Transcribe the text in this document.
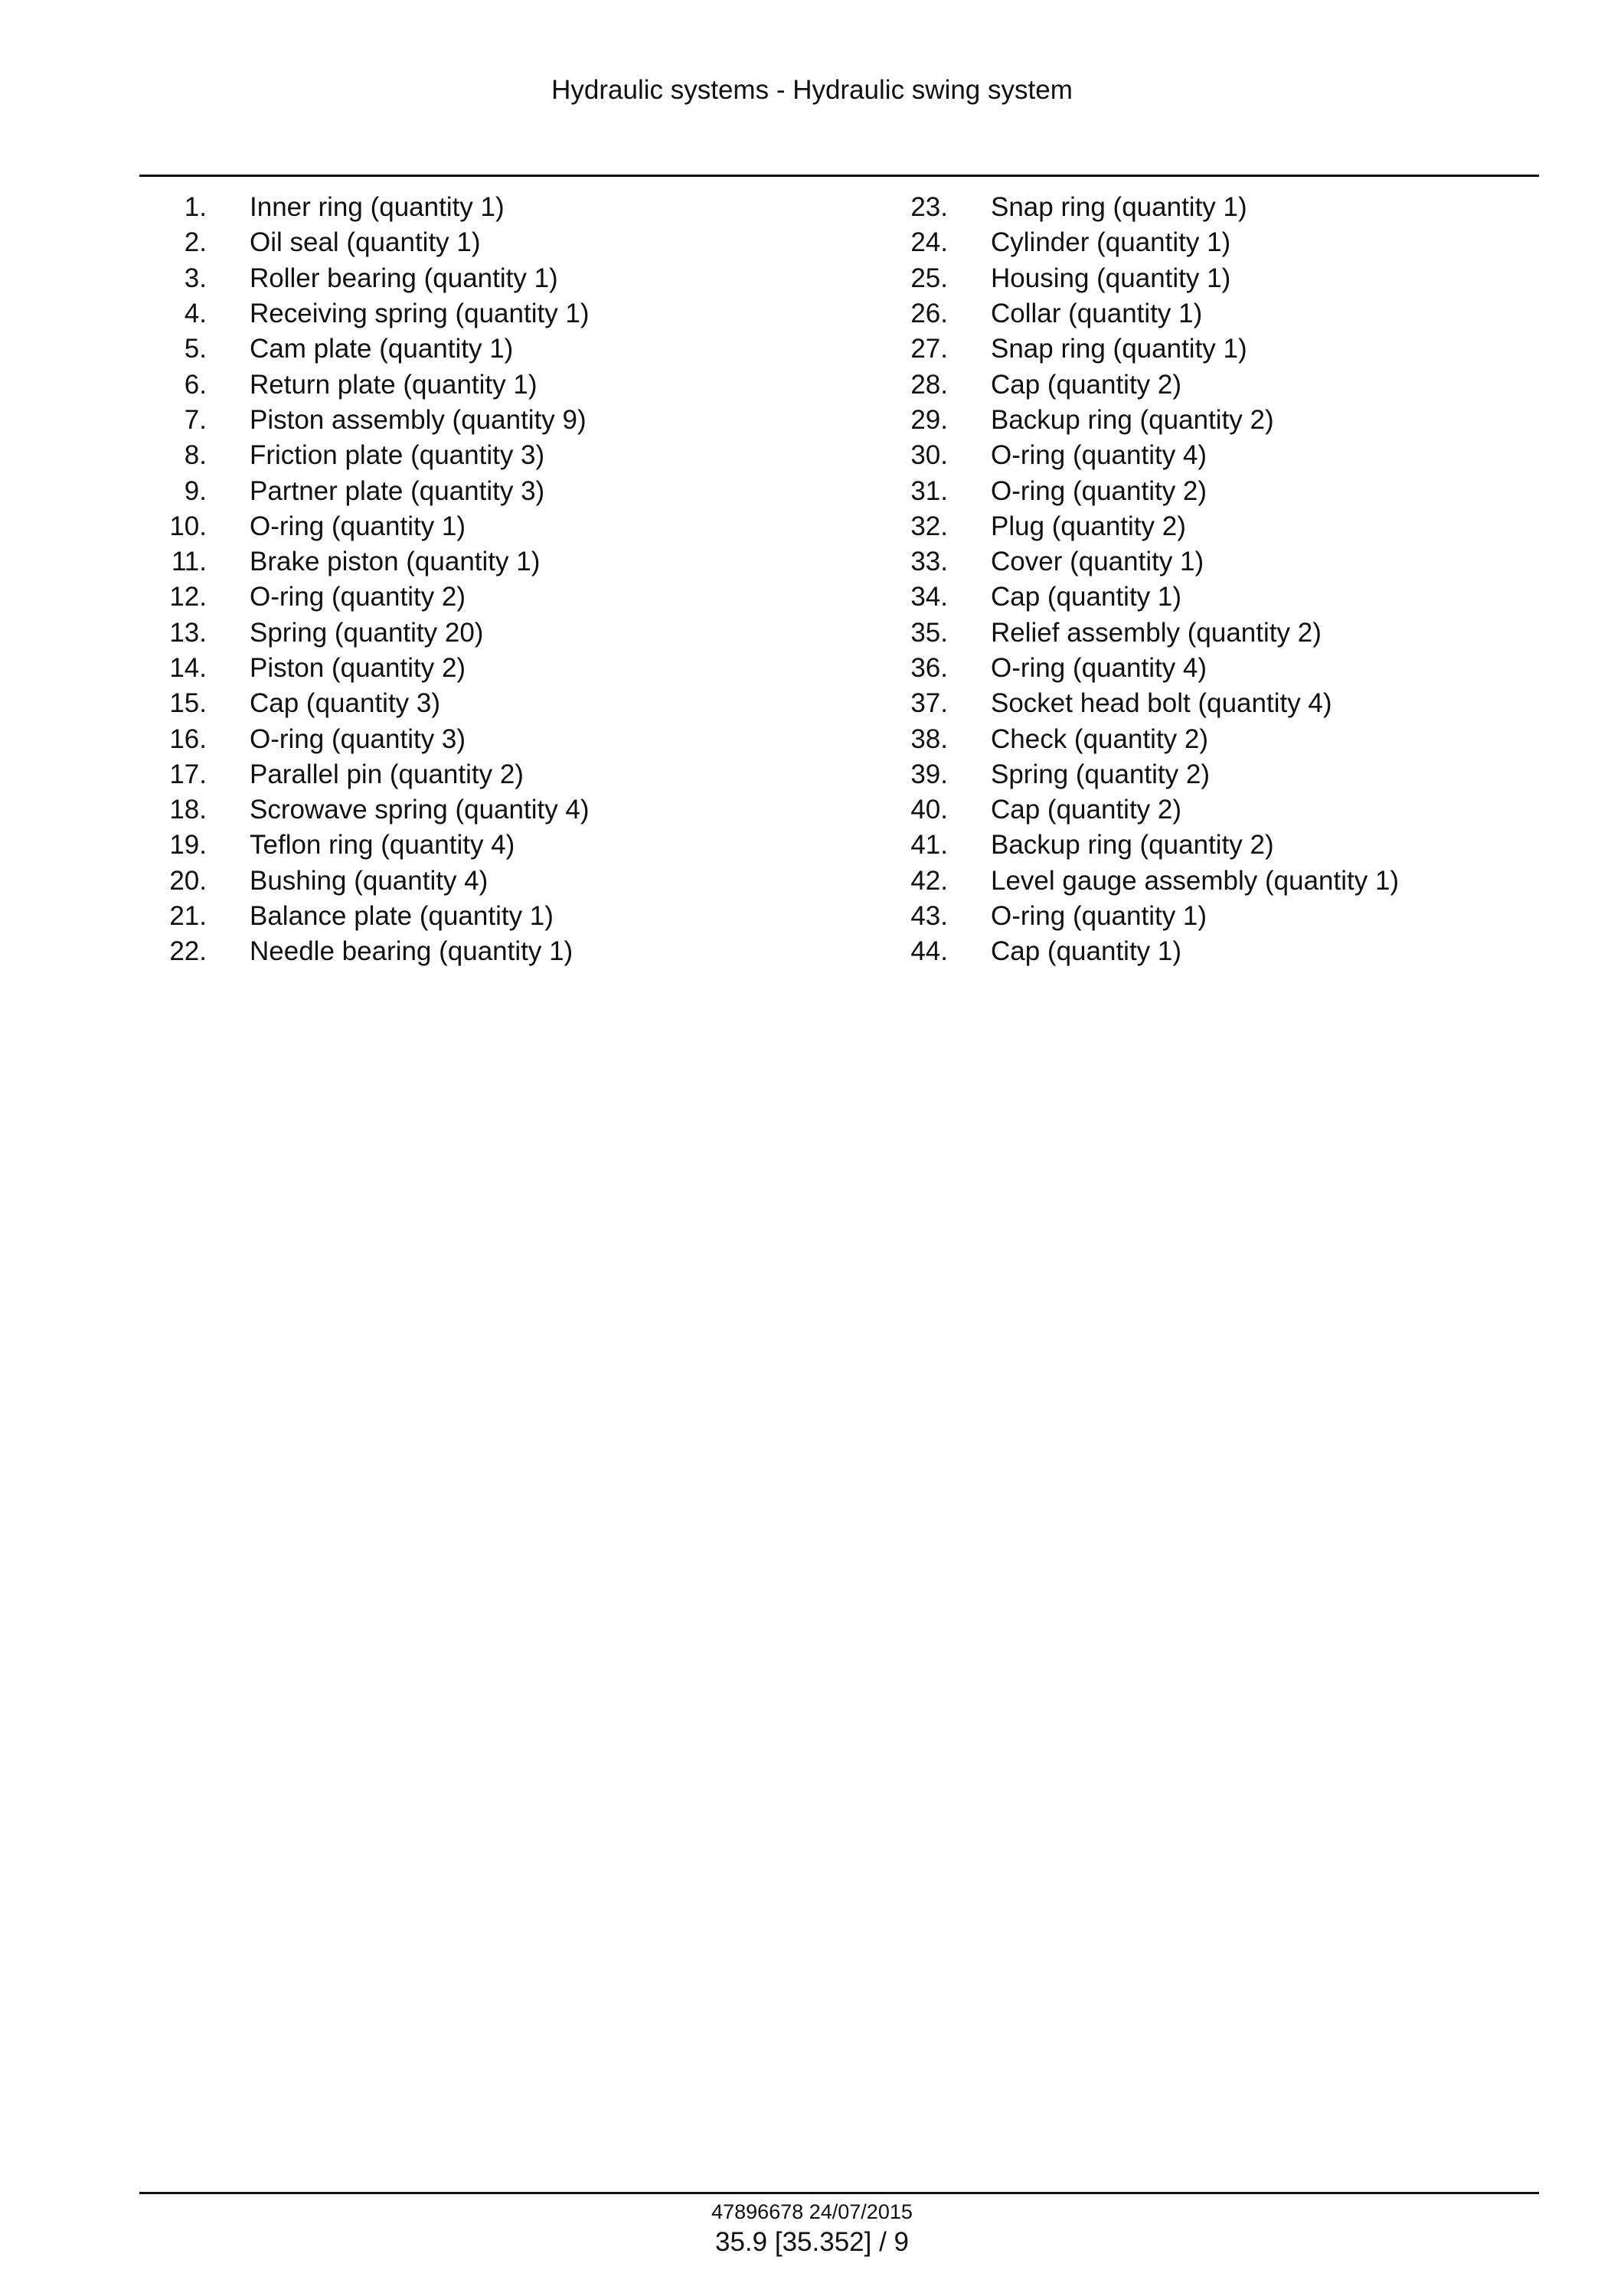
Hydraulic systems - Hydraulic swing system
1. Inner ring (quantity 1)
2. Oil seal (quantity 1)
3. Roller bearing (quantity 1)
4. Receiving spring (quantity 1)
5. Cam plate (quantity 1)
6. Return plate (quantity 1)
7. Piston assembly (quantity 9)
8. Friction plate (quantity 3)
9. Partner plate (quantity 3)
10. O-ring (quantity 1)
11. Brake piston (quantity 1)
12. O-ring (quantity 2)
13. Spring (quantity 20)
14. Piston (quantity 2)
15. Cap (quantity 3)
16. O-ring (quantity 3)
17. Parallel pin (quantity 2)
18. Scrowave spring (quantity 4)
19. Teflon ring (quantity 4)
20. Bushing (quantity 4)
21. Balance plate (quantity 1)
22. Needle bearing (quantity 1)
23. Snap ring (quantity 1)
24. Cylinder (quantity 1)
25. Housing (quantity 1)
26. Collar (quantity 1)
27. Snap ring (quantity 1)
28. Cap (quantity 2)
29. Backup ring (quantity 2)
30. O-ring (quantity 4)
31. O-ring (quantity 2)
32. Plug (quantity 2)
33. Cover (quantity 1)
34. Cap (quantity 1)
35. Relief assembly (quantity 2)
36. O-ring (quantity 4)
37. Socket head bolt (quantity 4)
38. Check (quantity 2)
39. Spring (quantity 2)
40. Cap (quantity 2)
41. Backup ring (quantity 2)
42. Level gauge assembly (quantity 1)
43. O-ring (quantity 1)
44. Cap (quantity 1)
47896678 24/07/2015
35.9 [35.352] / 9
